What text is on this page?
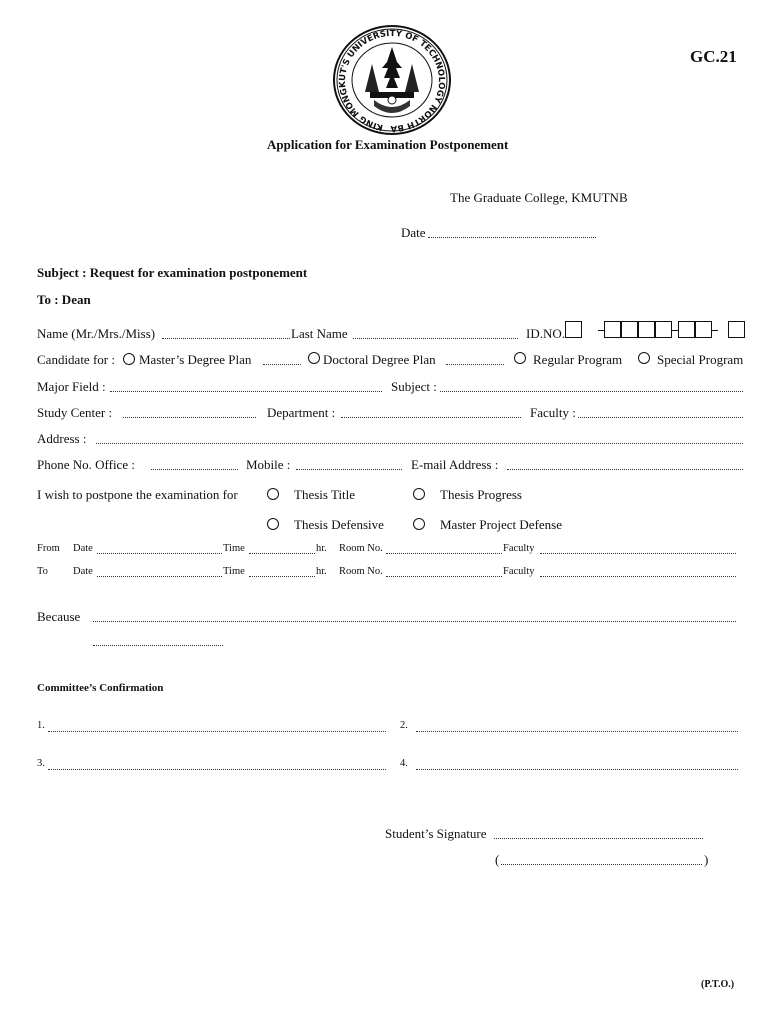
KING MONGKUT'S UNIVERSITY OF TECHNOLOGY NORTH BA
GC.21
Application for Examination Postponement
The Graduate College, KMUTNB
Date
Subject : Request for examination postponement
To : Dean
Name (Mr./Mrs./Miss)	Last Name	ID.NO.
Candidate for : Master’s Degree Plan	Doctoral Degree Plan	Regular Program	Special Program
Major Field :	Subject :
Study Center :	Department :	Faculty :
Address :
Phone No. Office :	Mobile :	E-mail Address :
I wish to postpone the examination for	Thesis Title	Thesis Progress
Thesis Defensive	Master Project Defense
From Date	Time	hr. Room No.	Faculty
To Date	Time	hr. Room No.	Faculty
Because
Committee’s Confirmation
1.	2.
3.	4.
Student’s Signature
(	)
(P.T.O.)
